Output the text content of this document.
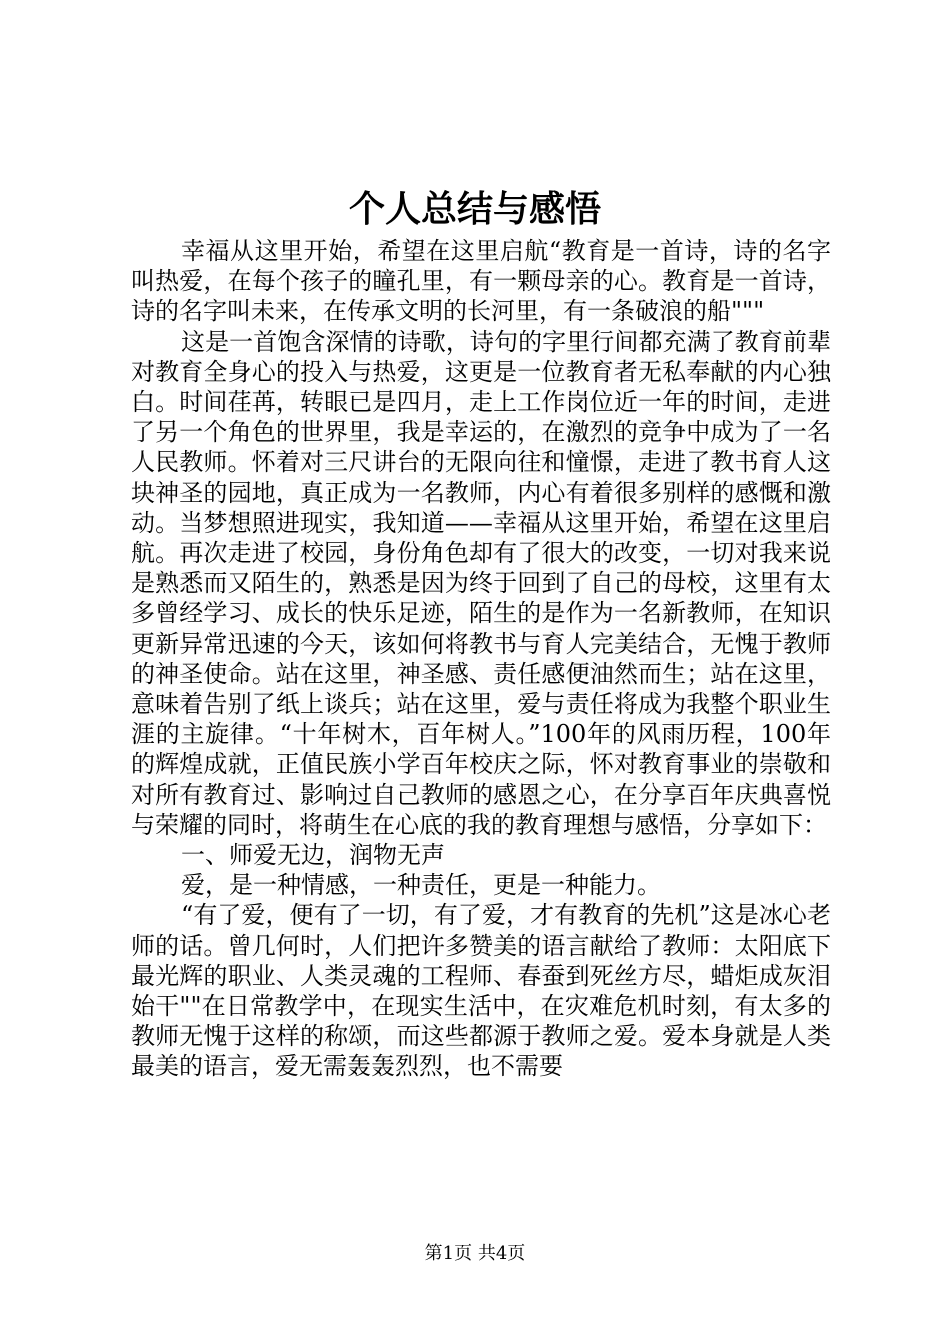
个人总结与感悟

幸福从这里开始，希望在这里启航“教育是一首诗，诗的名字叫热爱，在每个孩子的瞳孔里，有一颗母亲的心。教育是一首诗，诗的名字叫未来，在传承文明的长河里，有一条破浪的船"""

这是一首饱含深情的诗歌，诗句的字里行间都充满了教育前辈对教育全身心的投入与热爱，这更是一位教育者无私奉献的内心独白。时间荏苒，转眼已是四月，走上工作岗位近一年的时间，走进了另一个角色的世界里，我是幸运的，在激烈的竞争中成为了一名人民教师。怀着对三尺讲台的无限向往和憧憬，走进了教书育人这块神圣的园地，真正成为一名教师，内心有着很多别样的感慨和激动。当梦想照进现实，我知道——幸福从这里开始，希望在这里启航。再次走进了校园，身份角色却有了很大的改变，一切对我来说是熟悉而又陌生的，熟悉是因为终于回到了自己的母校，这里有太多曾经学习、成长的快乐足迹，陌生的是作为一名新教师，在知识更新异常迅速的今天，该如何将教书与育人完美结合，无愧于教师的神圣使命。站在这里，神圣感、责任感便油然而生；站在这里，意味着告别了纸上谈兵；站在这里，爱与责任将成为我整个职业生涯的主旋律。“十年树木，百年树人。”100年的风雨历程，100年的辉煌成就，正值民族小学百年校庆之际，怀对教育事业的崇敬和对所有教育过、影响过自己教师的感恩之心，在分享百年庆典喜悦与荣耀的同时，将萌生在心底的我的教育理想与感悟，分享如下：

一、师爱无边，润物无声

爱，是一种情感，一种责任，更是一种能力。

“有了爱，便有了一切，有了爱，才有教育的先机”这是冰心老师的话。曾几何时，人们把许多赞美的语言献给了教师：太阳底下最光辉的职业、人类灵魂的工程师、春蚕到死丝方尽，蜡炬成灰泪始干""在日常教学中，在现实生活中，在灾难危机时刻，有太多的教师无愧于这样的称颂，而这些都源于教师之爱。爱本身就是人类最美的语言，爱无需轰轰烈烈，也不需要

第1页 共4页
